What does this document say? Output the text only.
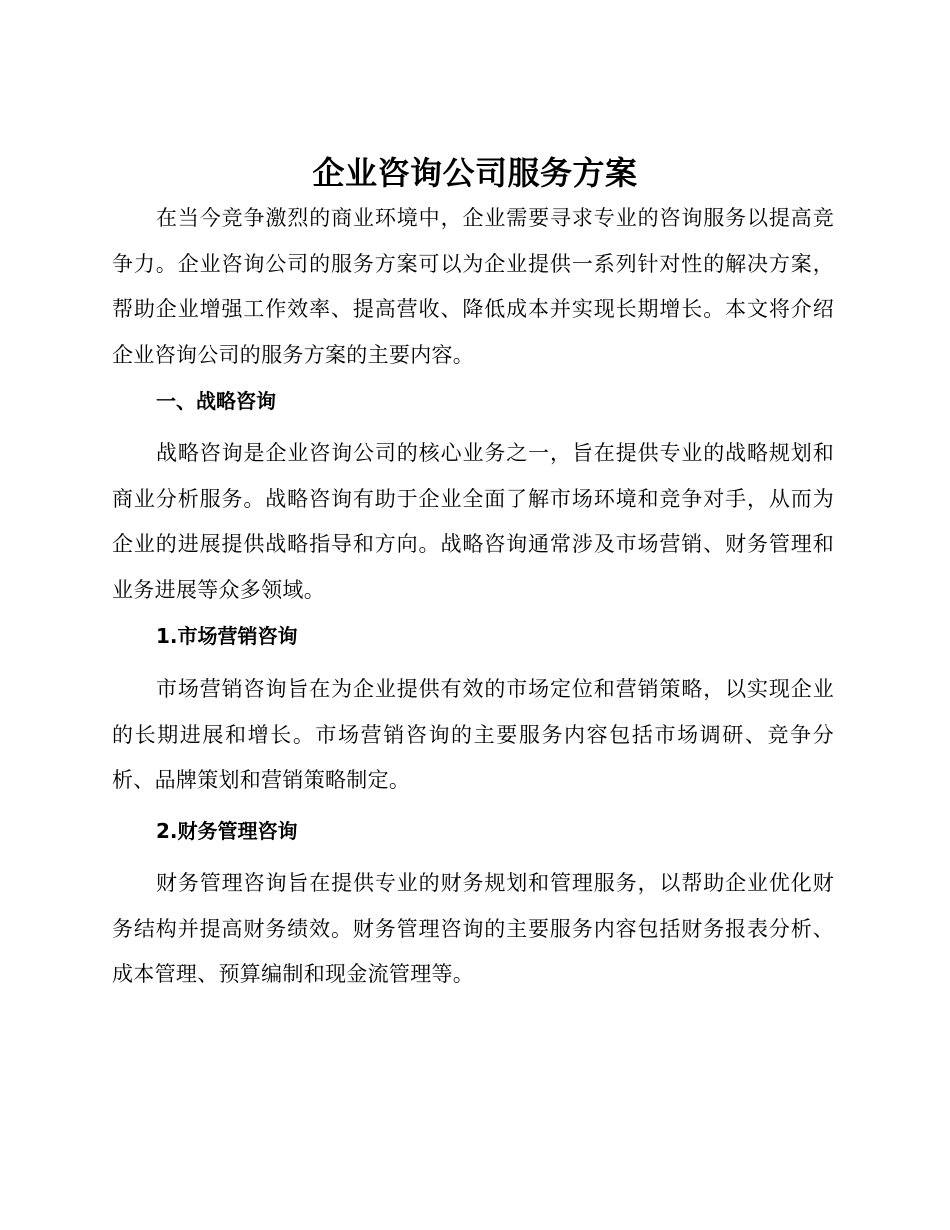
企业咨询公司服务方案

在当今竞争激烈的商业环境中，企业需要寻求专业的咨询服务以提高竞争力。企业咨询公司的服务方案可以为企业提供一系列针对性的解决方案，帮助企业增强工作效率、提高营收、降低成本并实现长期增长。本文将介绍企业咨询公司的服务方案的主要内容。

一、战略咨询

战略咨询是企业咨询公司的核心业务之一，旨在提供专业的战略规划和商业分析服务。战略咨询有助于企业全面了解市场环境和竞争对手，从而为企业的进展提供战略指导和方向。战略咨询通常涉及市场营销、财务管理和业务进展等众多领域。

1.市场营销咨询

市场营销咨询旨在为企业提供有效的市场定位和营销策略，以实现企业的长期进展和增长。市场营销咨询的主要服务内容包括市场调研、竞争分析、品牌策划和营销策略制定。

2.财务管理咨询

财务管理咨询旨在提供专业的财务规划和管理服务，以帮助企业优化财务结构并提高财务绩效。财务管理咨询的主要服务内容包括财务报表分析、成本管理、预算编制和现金流管理等。
